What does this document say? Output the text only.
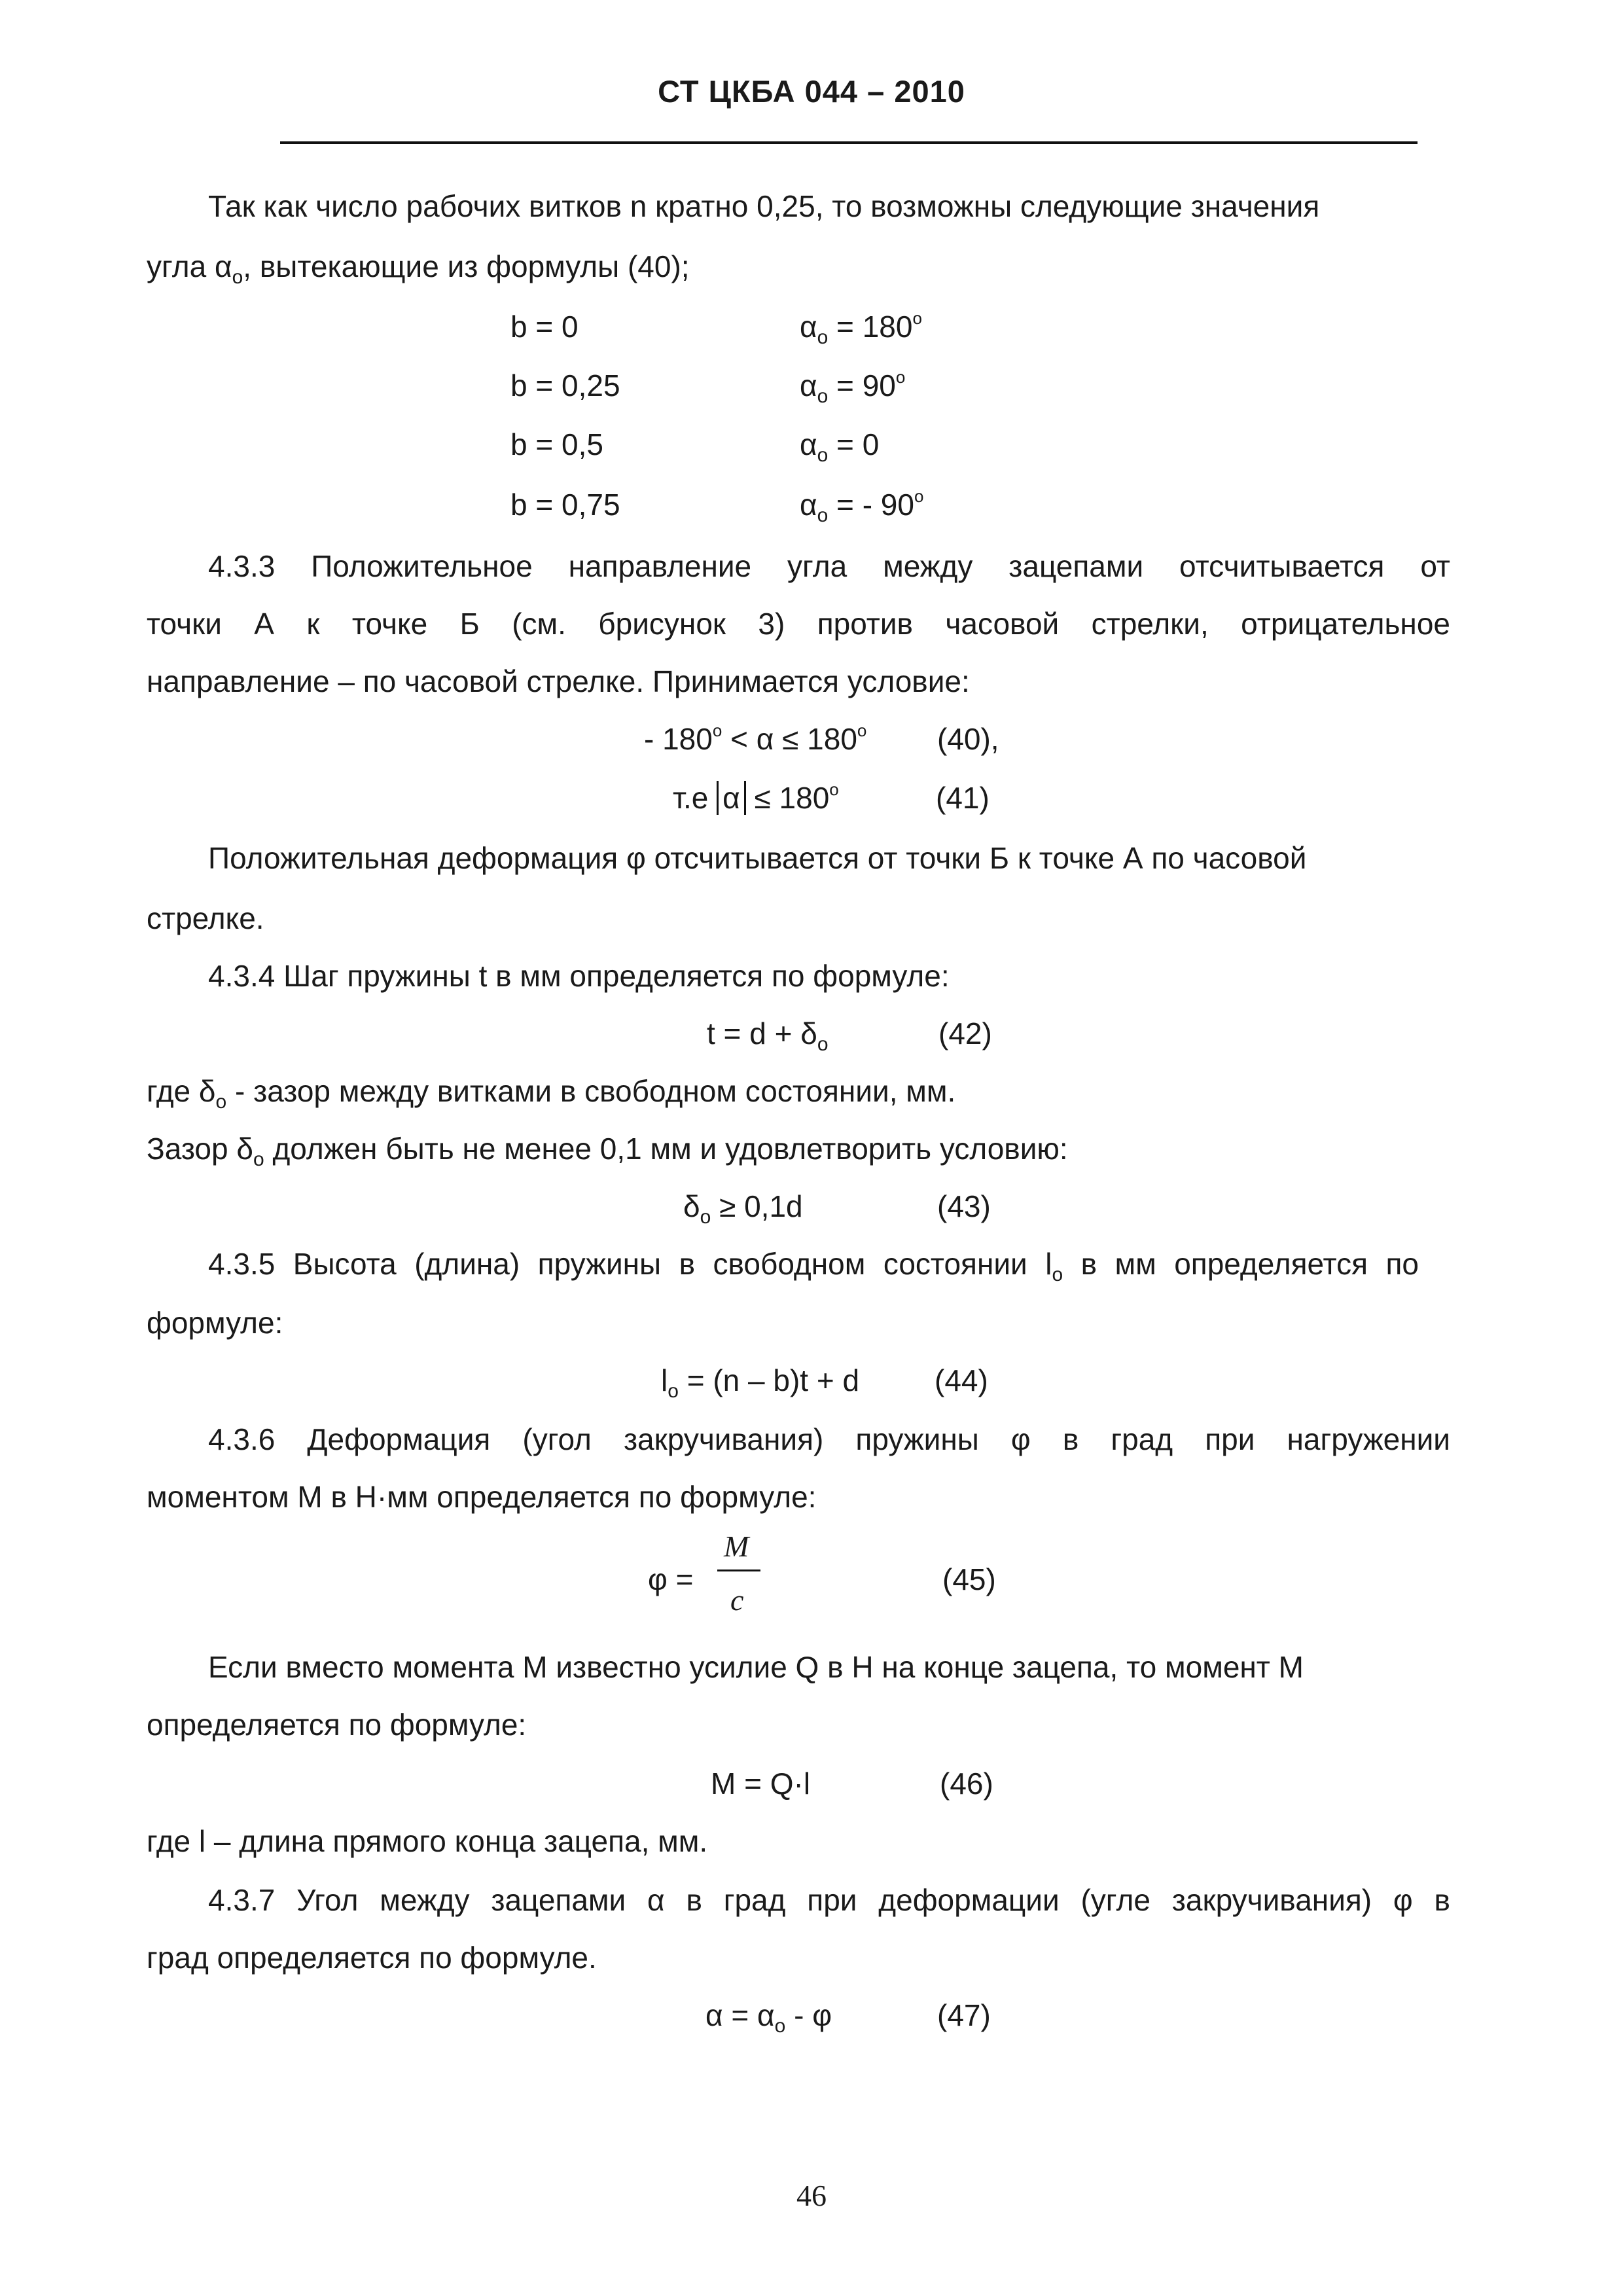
СТ ЦКБА 044 – 2010
Так как число рабочих витков n кратно 0,25, то возможны следующие значения
угла $\alpha_o$, вытекающие из формулы (40);
b = 0	$\alpha_o = 180^o$
b = 0,25	$\alpha_o = 90^o$
b = 0,5	$\alpha_o = 0$
b = 0,75	$\alpha_o$ = - 90$^o$
4.3.3 Положительное направление угла между зацепами отсчитывается от
точки А к точке Б (см. брисунок 3) против часовой стрелки, отрицательное
направление – по часовой стрелке. Принимается условие:
- $180^o < \alpha \le 180^o$ (40),
т.е $\alpha \le 180^o$	(41)
Положительная деформация φ отсчитывается от точки Б к точке А по часовой
стрелке.
4.3.4 Шаг пружины t в мм определяется по формуле:
$t = d + \delta_o$	(42)
где $\delta_o$ - зазор между витками в свободном состоянии, мм.
Зазор $\delta_o$ должен быть не менее 0,1 мм и удовлетворить условию:
$\delta_o \ge 0,1d$	(43)
4.3.5 Высота (длина) пружины в свободном состоянии $l_o$ в мм определяется по
формуле:
$l_o = (n - b)t + d$ (44)
4.3.6 Деформация (угол закручивания) пружины φ в град при нагружении
моментом М в Н·мм определяется по формуле:
φ =
M
c
(45)
Если вместо момента М известно усилие Q в Н на конце зацепа, то момент М
определяется по формуле:
M = Q·l	(46)
где l – длина прямого конца зацепа, мм.
4.3.7 Угол между зацепами α в град при деформации (угле закручивания) φ в
град определяется по формуле.
$\alpha = \alpha_o - \varphi$	(47)
46
